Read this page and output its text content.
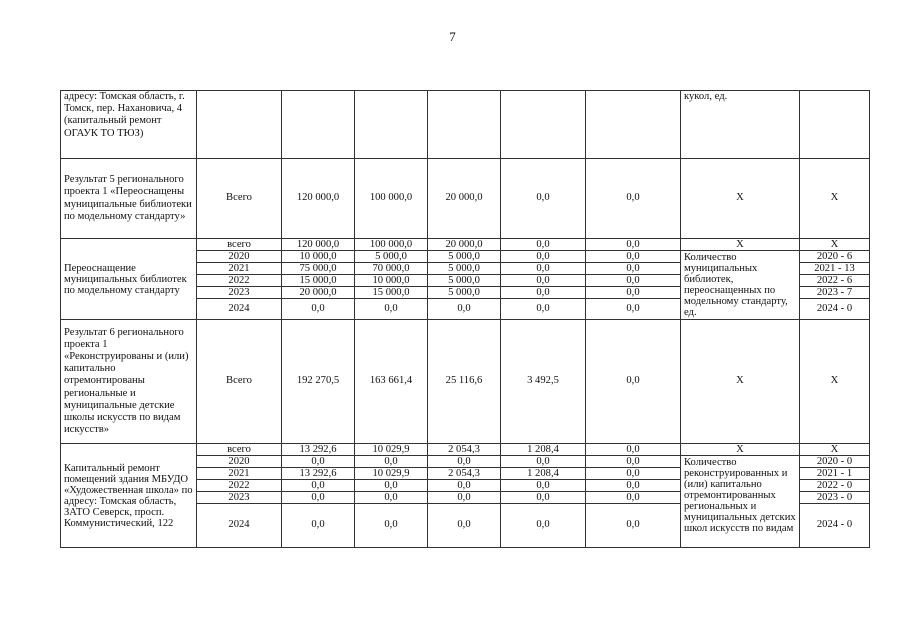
7
адресу: Томская область, г. Томск, пер. Нахановича, 4 (капитальный ремонт ОГАУК ТО ТЮЗ)							кукол, ед.	
Результат 5 регионального проекта 1 «Переоснащены муниципальные библиотеки по модельному стандарту»	Всего	120 000,0	100 000,0	20 000,0	0,0	0,0	Х	Х
Переоснащение муниципальных библиотек по модельному стандарту	всего	120 000,0	100 000,0	20 000,0	0,0	0,0	Х	Х
	2020	10 000,0	5 000,0	5 000,0	0,0	0,0	Количество муниципальных библиотек, переоснащенных по модельному стандарту, ед.	2020 - 6
	2021	75 000,0	70 000,0	5 000,0	0,0	0,0		2021 - 13
	2022	15 000,0	10 000,0	5 000,0	0,0	0,0		2022 - 6
	2023	20 000,0	15 000,0	5 000,0	0,0	0,0		2023 - 7
	2024	0,0	0,0	0,0	0,0	0,0		2024 - 0
Результат 6 регионального проекта 1 «Реконструированы и (или) капитально отремонтированы региональные и муниципальные детские школы искусств по видам искусств»	Всего	192 270,5	163 661,4	25 116,6	3 492,5	0,0	Х	Х
Капитальный ремонт помещений здания МБУДО «Художественная школа» по адресу: Томская область, ЗАТО Северск, просп. Коммунистический, 122	всего	13 292,6	10 029,9	2 054,3	1 208,4	0,0	Х	Х
	2020	0,0	0,0	0,0	0,0	0,0	Количество реконструированных и (или) капитально отремонтированных региональных и муниципальных детских школ искусств по видам	2020 - 0
	2021	13 292,6	10 029,9	2 054,3	1 208,4	0,0		2021 - 1
	2022	0,0	0,0	0,0	0,0	0,0		2022 - 0
	2023	0,0	0,0	0,0	0,0	0,0		2023 - 0
	2024	0,0	0,0	0,0	0,0	0,0		2024 - 0
